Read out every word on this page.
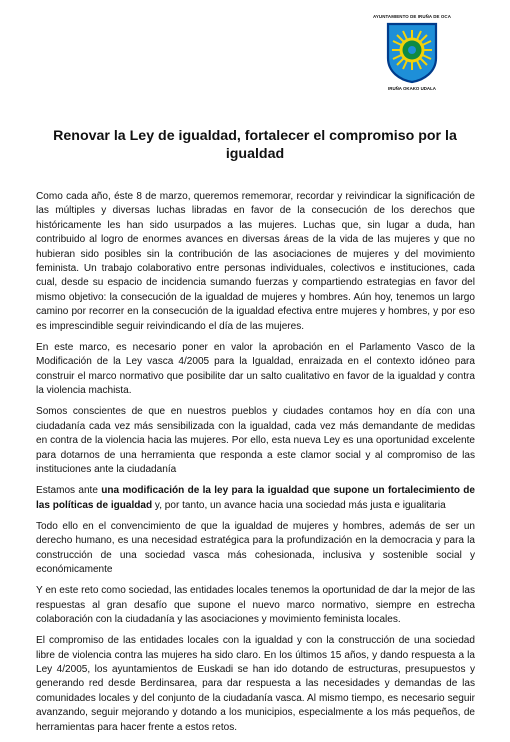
AYUNTAMIENTO DE IRUÑA DE OCA
IRUÑA OKAKO UDALA
Renovar la Ley de igualdad, fortalecer el compromiso por la igualdad

Como cada año, éste 8 de marzo, queremos rememorar, recordar y reivindicar la significación de las múltiples y diversas luchas libradas en favor de la consecución de los derechos que históricamente les han sido usurpados a las mujeres. Luchas que, sin lugar a duda, han contribuido al logro de enormes avances en diversas áreas de la vida de las mujeres y que no hubieran sido posibles sin la contribución de las asociaciones de mujeres y del movimiento feminista. Un trabajo colaborativo entre personas individuales, colectivos e instituciones, cada cual, desde su espacio de incidencia sumando fuerzas y compartiendo estrategias en favor del mismo objetivo: la consecución de la igualdad de mujeres y hombres. Aún hoy, tenemos un largo camino por recorrer en la consecución de la igualdad efectiva entre mujeres y hombres, y por eso es imprescindible seguir reivindicando el día de las mujeres.

En este marco, es necesario poner en valor la aprobación en el Parlamento Vasco de la Modificación de la Ley vasca 4/2005 para la Igualdad, enraizada en el contexto idóneo para construir el marco normativo que posibilite dar un salto cualitativo en favor de la igualdad y contra la violencia machista.

Somos conscientes de que en nuestros pueblos y ciudades contamos hoy en día con una ciudadanía cada vez más sensibilizada con la igualdad, cada vez más demandante de medidas en contra de la violencia hacia las mujeres. Por ello, esta nueva Ley es una oportunidad excelente para dotarnos de una herramienta que responda a este clamor social y al compromiso de las instituciones ante la ciudadanía

Estamos ante una modificación de la ley para la igualdad que supone un fortalecimiento de las políticas de igualdad y, por tanto, un avance hacia una sociedad más justa e igualitaria

Todo ello en el convencimiento de que la igualdad de mujeres y hombres, además de ser un derecho humano, es una necesidad estratégica para la profundización en la democracia y para la construcción de una sociedad vasca más cohesionada, inclusiva y sostenible social y económicamente

Y en este reto como sociedad, las entidades locales tenemos la oportunidad de dar la mejor de las respuestas al gran desafío que supone el nuevo marco normativo, siempre en estrecha colaboración con la ciudadanía y las asociaciones y movimiento feminista locales.

El compromiso de las entidades locales con la igualdad y con la construcción de una sociedad libre de violencia contra las mujeres ha sido claro. En los últimos 15 años, y dando respuesta a la Ley 4/2005, los ayuntamientos de Euskadi se han ido dotando de estructuras, presupuestos y generando red desde Berdinsarea, para dar respuesta a las necesidades y demandas de las comunidades locales y del conjunto de la ciudadanía vasca. Al mismo tiempo, es necesario seguir avanzando, seguir mejorando y dotando a los municipios, especialmente a los más pequeños, de herramientas para hacer frente a estos retos.
